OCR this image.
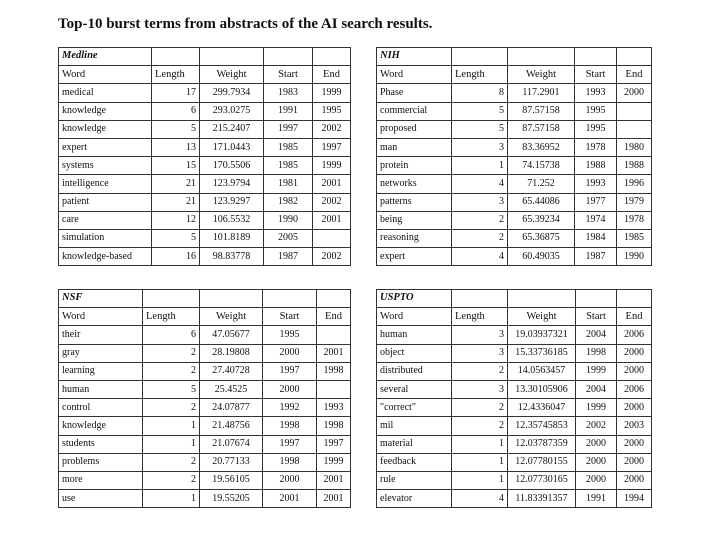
Top-10 burst terms from abstracts of the AI search results.
Medline				
Word	Length	Weight	Start	End
medical	17	299.7934	1983	1999
knowledge	6	293.0275	1991	1995
knowledge	5	215.2407	1997	2002
expert	13	171.0443	1985	1997
systems	15	170.5506	1985	1999
intelligence	21	123.9794	1981	2001
patient	21	123.9297	1982	2002
care	12	106.5532	1990	2001
simulation	5	101.8189	2005	
knowledge-based	16	98.83778	1987	2002
NIH				
Word	Length	Weight	Start	End
Phase	8	117.2901	1993	2000
commercial	5	87.57158	1995	
proposed	5	87.57158	1995	
man	3	83.36952	1978	1980
protein	1	74.15738	1988	1988
networks	4	71.252	1993	1996
patterns	3	65.44086	1977	1979
being	2	65.39234	1974	1978
reasoning	2	65.36875	1984	1985
expert	4	60.49035	1987	1990
NSF				
Word	Length	Weight	Start	End
their	6	47.05677	1995	
gray	2	28.19808	2000	2001
learning	2	27.40728	1997	1998
human	5	25.4525	2000	
control	2	24.07877	1992	1993
knowledge	1	21.48756	1998	1998
students	1	21.07674	1997	1997
problems	2	20.77133	1998	1999
more	2	19.56105	2000	2001
use	1	19.55205	2001	2001
USPTO				
Word	Length	Weight	Start	End
human	3	19.03937321	2004	2006
object	3	15.33736185	1998	2000
distributed	2	14.0563457	1999	2000
several	3	13.30105906	2004	2006
"correct"	2	12.4336047	1999	2000
mil	2	12.35745853	2002	2003
material	1	12.03787359	2000	2000
feedback	1	12.07780155	2000	2000
rule	1	12.07730165	2000	2000
elevator	4	11.83391357	1991	1994
